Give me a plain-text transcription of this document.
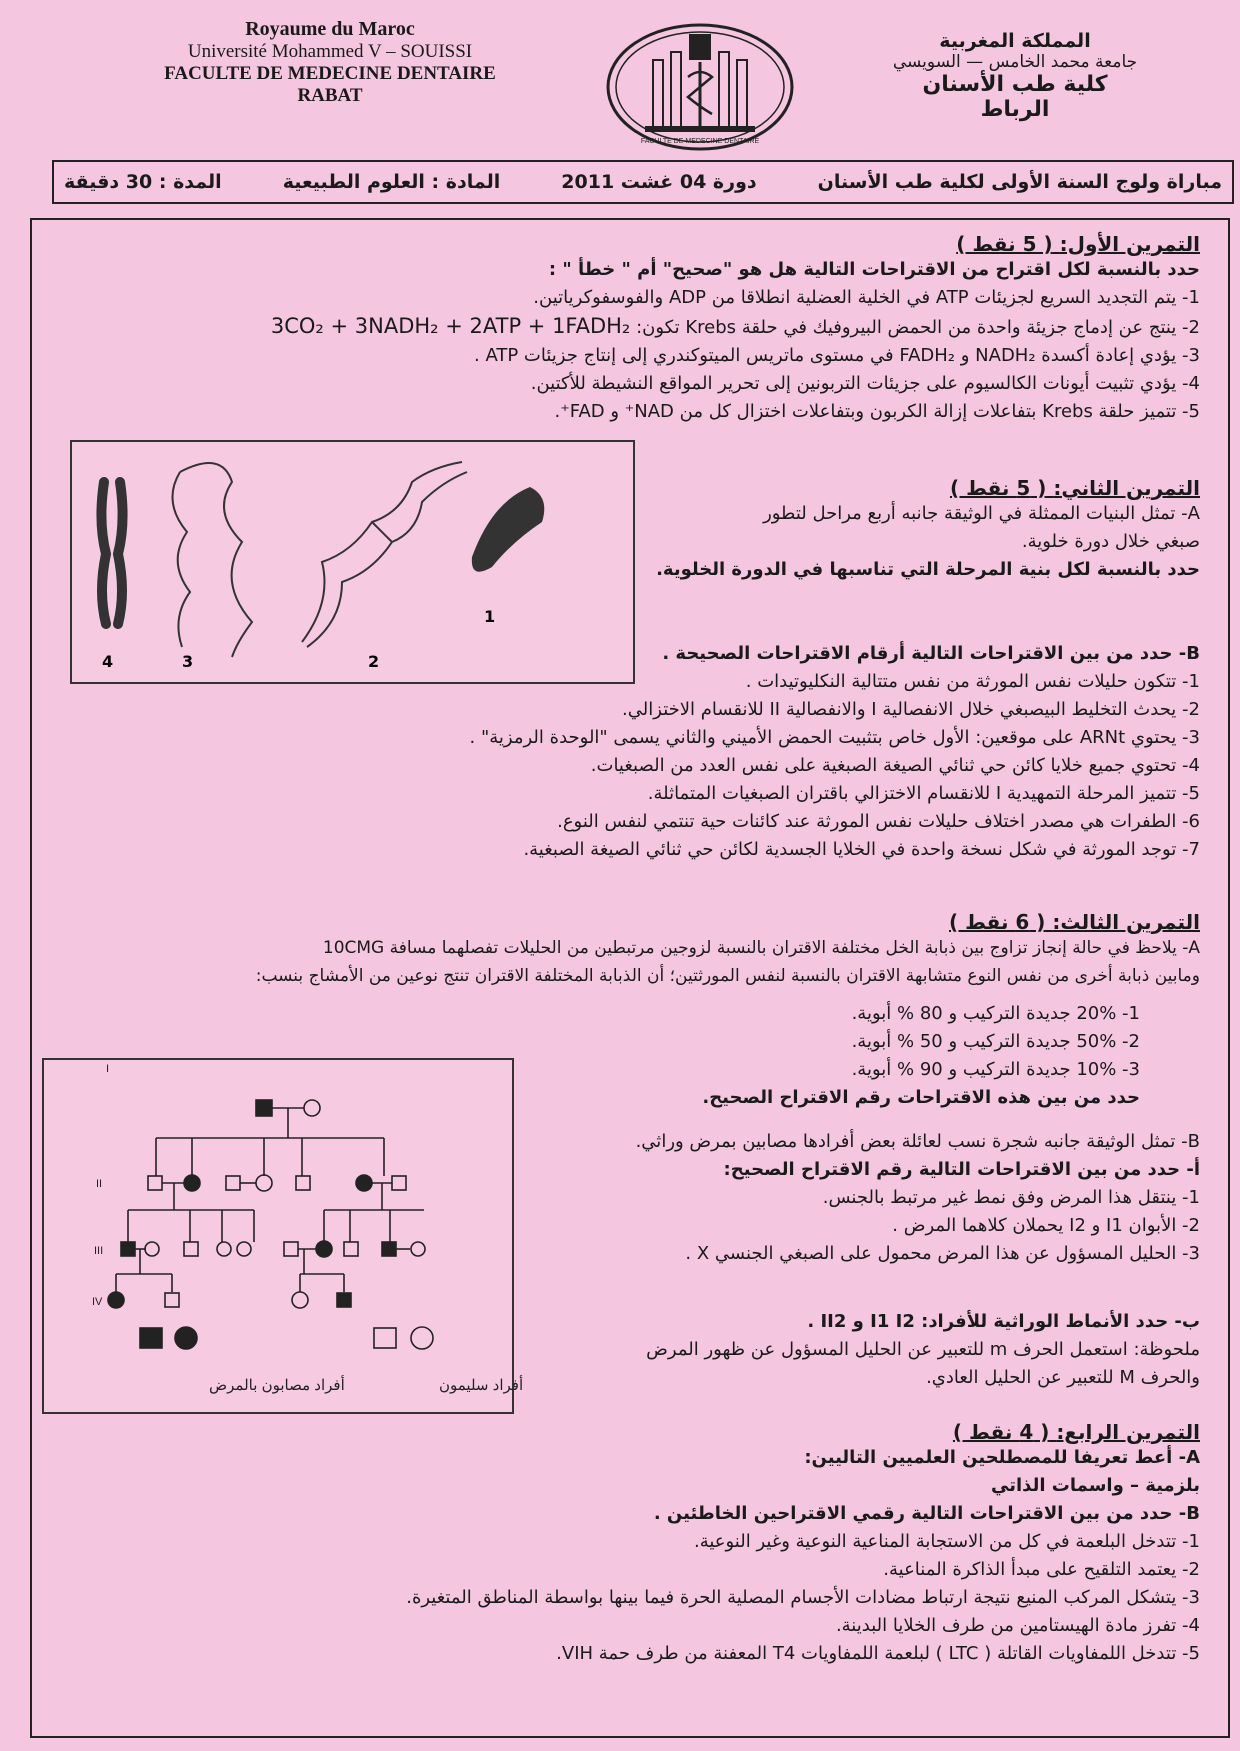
Royaume du Maroc
Université Mohammed V – SOUISSI
FACULTE DE MEDECINE DENTAIRE
RABAT
FACULTE DE MEDECINE DENTAIRE
المملكة المغربية
جامعة محمد الخامس — السويسي
كلية طب الأسنان
الرباط
مباراة ولوج السنة الأولى لكلية طب الأسنان
دورة 04 غشت 2011
المادة : العلوم الطبيعية
المدة : 30 دقيقة
التمرين الأول: ( 5 نقط )
حدد بالنسبة لكل اقتراح من الاقتراحات التالية هل هو "صحيح" أم " خطأ " :
1- يتم التجديد السريع لجزيئات ATP في الخلية العضلية انطلاقا من ADP والفوسفوكرياتين.
2- ينتج عن إدماج جزيئة واحدة من الحمض البيروفيك في حلقة Krebs تكون: 3CO₂ + 3NADH₂ + 2ATP + 1FADH₂
3- يؤدي إعادة أكسدة NADH₂ و FADH₂ في مستوى ماتريس الميتوكندري إلى إنتاج جزيئات ATP .
4- يؤدي تثبيت أيونات الكالسيوم على جزيئات التربونين إلى تحرير المواقع النشيطة للأكتين.
5- تتميز حلقة Krebs بتفاعلات إزالة الكربون وبتفاعلات اختزال كل من NAD⁺ و FAD⁺.
4	3	2
1
التمرين الثاني: ( 5 نقط )
A- تمثل البنيات الممثلة في الوثيقة جانبه أربع مراحل لتطور
صبغي خلال دورة خلوية.
حدد بالنسبة لكل بنية المرحلة التي تناسبها في الدورة الخلوية.
B- حدد من بين الاقتراحات التالية أرقام الاقتراحات الصحيحة .
1- تتكون حليلات نفس المورثة من نفس متتالية النكليوتيدات .
2- يحدث التخليط البيصبغي خلال الانفصالية I والانفصالية II للانقسام الاختزالي.
3- يحتوي ARNt على موقعين: الأول خاص بتثبيت الحمض الأميني والثاني يسمى "الوحدة الرمزية" .
4- تحتوي جميع خلايا كائن حي ثنائي الصيغة الصبغية على نفس العدد من الصبغيات.
5- تتميز المرحلة التمهيدية I للانقسام الاختزالي باقتران الصبغيات المتماثلة.
6- الطفرات هي مصدر اختلاف حليلات نفس المورثة عند كائنات حية تنتمي لنفس النوع.
7- توجد المورثة في شكل نسخة واحدة في الخلايا الجسدية لكائن حي ثنائي الصيغة الصبغية.
التمرين الثالث: ( 6 نقط )
A- يلاحظ في حالة إنجاز تزاوج بين ذبابة الخل مختلفة الاقتران بالنسبة لزوجين مرتبطين من الحليلات تفصلهما مسافة 10CMG
ومابين ذبابة أخرى من نفس النوع متشابهة الاقتران بالنسبة لنفس المورثتين؛ أن الذبابة المختلفة الاقتران تنتج نوعين من الأمشاج بنسب:
1- 20% جديدة التركيب و 80 % أبوية.
2- 50% جديدة التركيب و 50 % أبوية.
3- 10% جديدة التركيب و 90 % أبوية.
حدد من بين هذه الاقتراحات رقم الاقتراح الصحيح.
I
II
III
IV
أفراد مصابون بالمرض	أفراد سليمون
B- تمثل الوثيقة جانبه شجرة نسب لعائلة بعض أفرادها مصابين بمرض وراثي.
أ- حدد من بين الاقتراحات التالية رقم الاقتراح الصحيح:
1- ينتقل هذا المرض وفق نمط غير مرتبط بالجنس.
2- الأبوان I1 و I2 يحملان كلاهما المرض .
3- الحليل المسؤول عن هذا المرض محمول على الصبغي الجنسي X .
ب- حدد الأنماط الوراثية للأفراد: I1 I2 و II2 .
ملحوظة: استعمل الحرف m للتعبير عن الحليل المسؤول عن ظهور المرض
والحرف M للتعبير عن الحليل العادي.
التمرين الرابع: ( 4 نقط )
A- أعط تعريفا للمصطلحين العلميين التاليين:
بلزمية – واسمات الذاتي
B- حدد من بين الاقتراحات التالية رقمي الاقتراحين الخاطئين .
1- تتدخل البلعمة في كل من الاستجابة المناعية النوعية وغير النوعية.
2- يعتمد التلقيح على مبدأ الذاكرة المناعية.
3- يتشكل المركب المنيع نتيجة ارتباط مضادات الأجسام المصلية الحرة فيما بينها بواسطة المناطق المتغيرة.
4- تفرز مادة الهيستامين من طرف الخلايا البدينة.
5- تتدخل اللمفاويات القاتلة ( LTC ) لبلعمة اللمفاويات T4 المعفنة من طرف حمة VIH.
